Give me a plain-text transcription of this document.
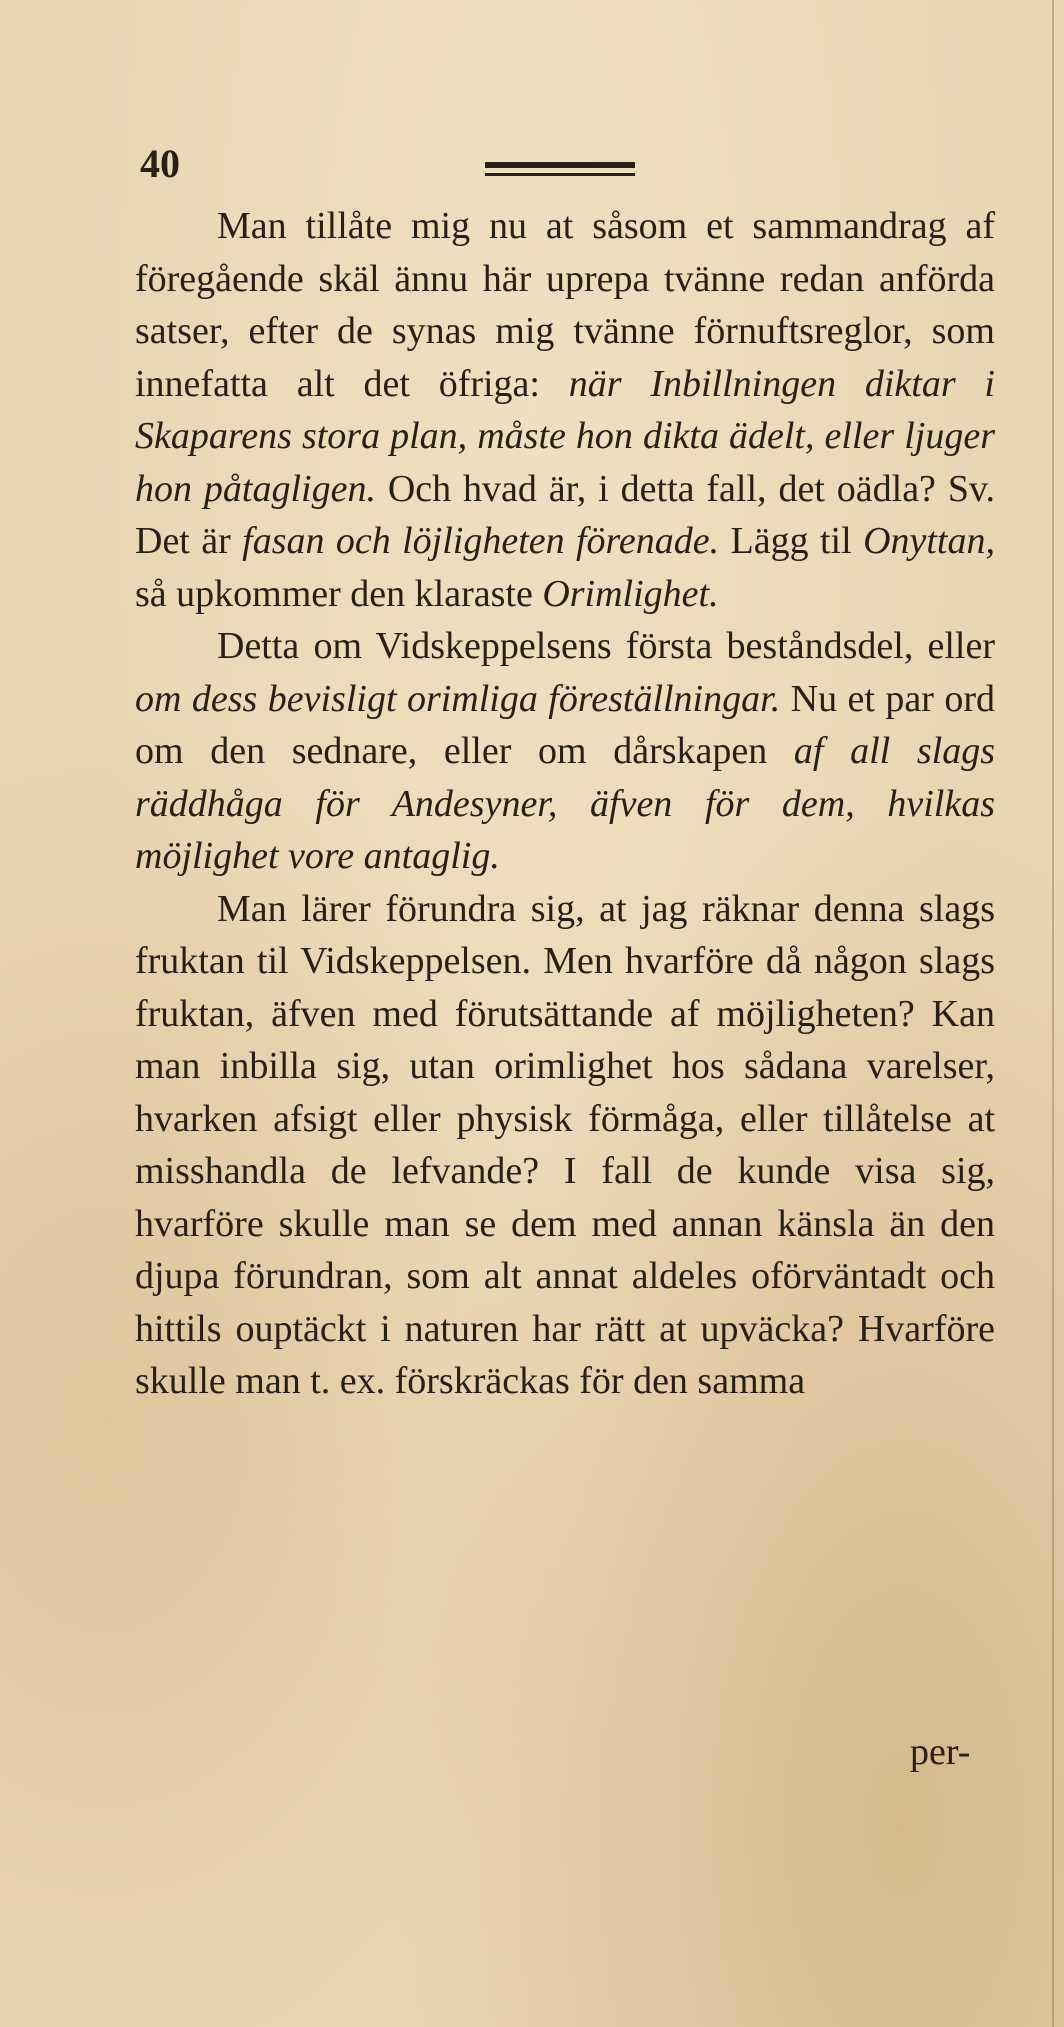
40

Man tillåte mig nu at såsom et sammandrag af föregående skäl ännu här uprepa tvänne redan anförda satser, efter de synas mig tvänne förnuftsreglor, som innefatta alt det öfriga: när Inbillningen diktar i Skaparens stora plan, måste hon dikta ädelt, eller ljuger hon påtagligen. Och hvad är, i detta fall, det oädla? Sv. Det är fasan och löjligheten förenade. Lägg til Onyttan, så upkommer den klaraste Orimlighet.

Detta om Vidskeppelsens första beståndsdel, eller om dess bevisligt orimliga föreställningar. Nu et par ord om den sednare, eller om dårskapen af all slags räddhåga för Andesyner, äfven för dem, hvilkas möjlighet vore antaglig.

Man lärer förundra sig, at jag räknar denna slags fruktan til Vidskeppelsen. Men hvarföre då någon slags fruktan, äfven med förutsättande af möjligheten? Kan man inbilla sig, utan orimlighet hos sådana varelser, hvarken afsigt eller physisk förmåga, eller tillåtelse at misshandla de lefvande? I fall de kunde visa sig, hvarföre skulle man se dem med annan känsla än den djupa förundran, som alt annat aldeles oförväntadt och hittils ouptäckt i naturen har rätt at upväcka? Hvarföre skulle man t. ex. förskräckas för den samma

per-
